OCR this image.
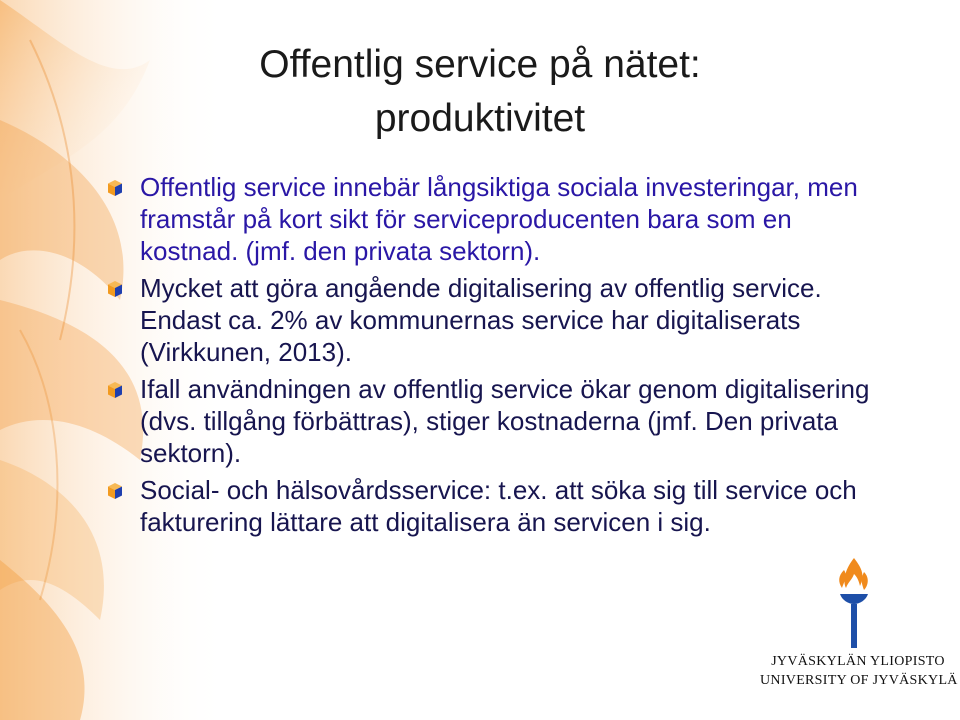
Offentlig service på nätet:
produktivitet
Offentlig service innebär långsiktiga sociala investeringar, men framstår på kort sikt för serviceproducenten bara som en kostnad. (jmf. den privata sektorn).
Mycket att göra angående digitalisering av offentlig service. Endast ca. 2% av kommunernas service har digitaliserats (Virkkunen, 2013).
Ifall användningen av offentlig service ökar genom digitalisering (dvs. tillgång förbättras), stiger kostnaderna (jmf. Den privata sektorn).
Social- och hälsovårdsservice: t.ex. att söka sig till service och fakturering lättare att digitalisera än servicen i sig.
JYVÄSKYLÄN YLIOPISTO
UNIVERSITY OF JYVÄSKYLÄ
